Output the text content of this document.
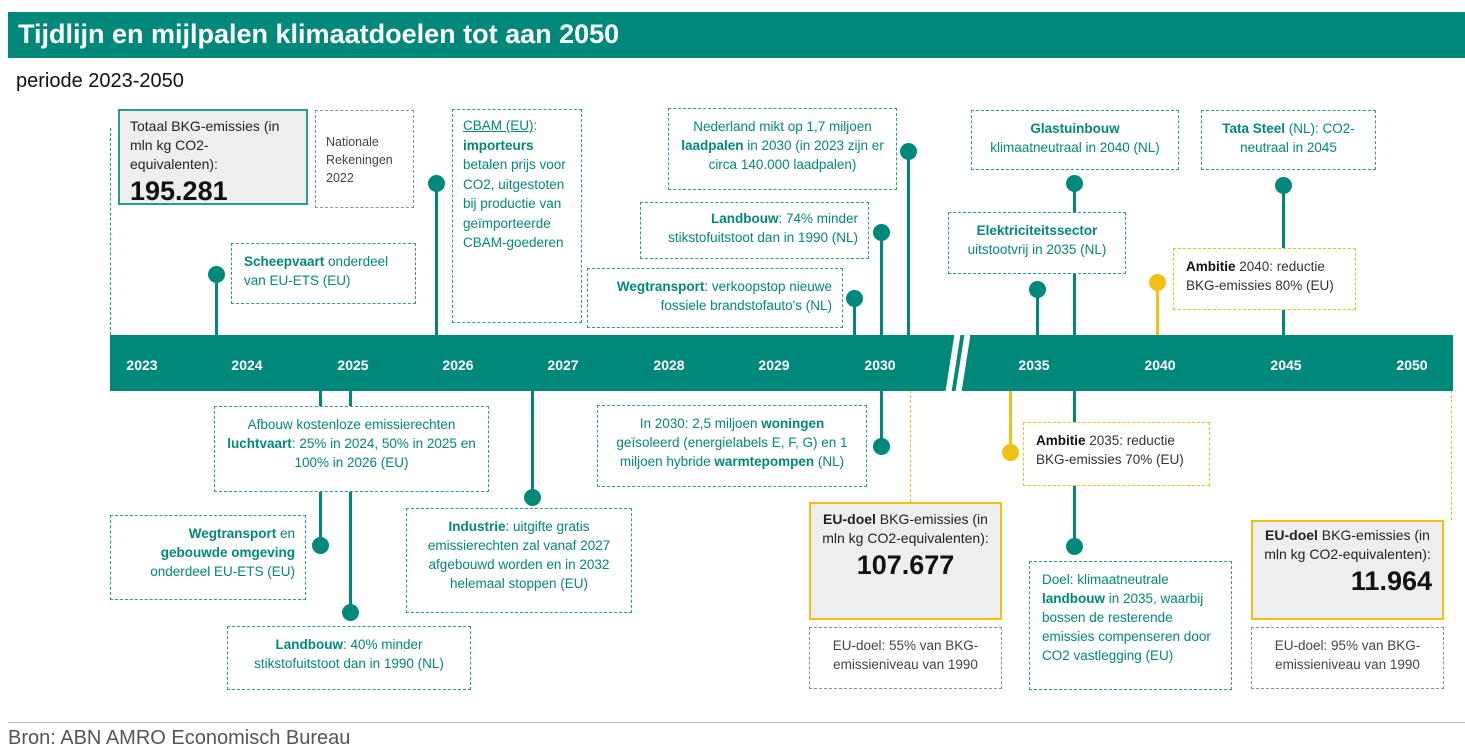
Tijdlijn en mijlpalen klimaatdoelen tot aan 2050
periode 2023-2050
2023	2024	2025	2026	2027	2028	2029	2030	2035	2040	2045	2050
Totaal BKG-emissies (in mln kg CO2-equivalenten):
195.281
Nationale Rekeningen 2022
Scheepvaart onderdeel van EU-ETS (EU)
CBAM (EU):
importeurs
betalen prijs voor CO2, uitgestoten bij productie van geïmporteerde CBAM-goederen
Nederland mikt op 1,7 miljoen laadpalen in 2030 (in 2023 zijn er circa 140.000 laadpalen)
Landbouw: 74% minder stikstofuitstoot dan in 1990 (NL)
Wegtransport: verkoopstop nieuwe fossiele brandstofauto's (NL)
Glastuinbouw
klimaatneutraal in 2040 (NL)
Elektriciteitssector
uitstootvrij in 2035 (NL)
Tata Steel (NL): CO2-neutraal in 2045
Ambitie 2040: reductie BKG-emissies 80% (EU)
Afbouw kostenloze emissierechten luchtvaart: 25% in 2024, 50% in 2025 en 100% in 2026 (EU)
Wegtransport en gebouwde omgeving onderdeel EU-ETS (EU)
Landbouw: 40% minder stikstofuitstoot dan in 1990 (NL)
Industrie: uitgifte gratis emissierechten zal vanaf 2027 afgebouwd worden en in 2032 helemaal stoppen (EU)
In 2030: 2,5 miljoen woningen geïsoleerd (energielabels E, F, G) en 1 miljoen hybride warmtepompen (NL)
Ambitie 2035: reductie BKG-emissies 70% (EU)
Doel: klimaatneutrale landbouw in 2035, waarbij bossen de resterende emissies compenseren door CO2 vastlegging (EU)
EU-doel BKG-emissies (in mln kg CO2-equivalenten):
107.677
EU-doel: 55% van BKG-emissieniveau van 1990
EU-doel BKG-emissies (in mln kg CO2-equivalenten):
11.964
EU-doel: 95% van BKG-emissieniveau van 1990
Bron: ABN AMRO Economisch Bureau
